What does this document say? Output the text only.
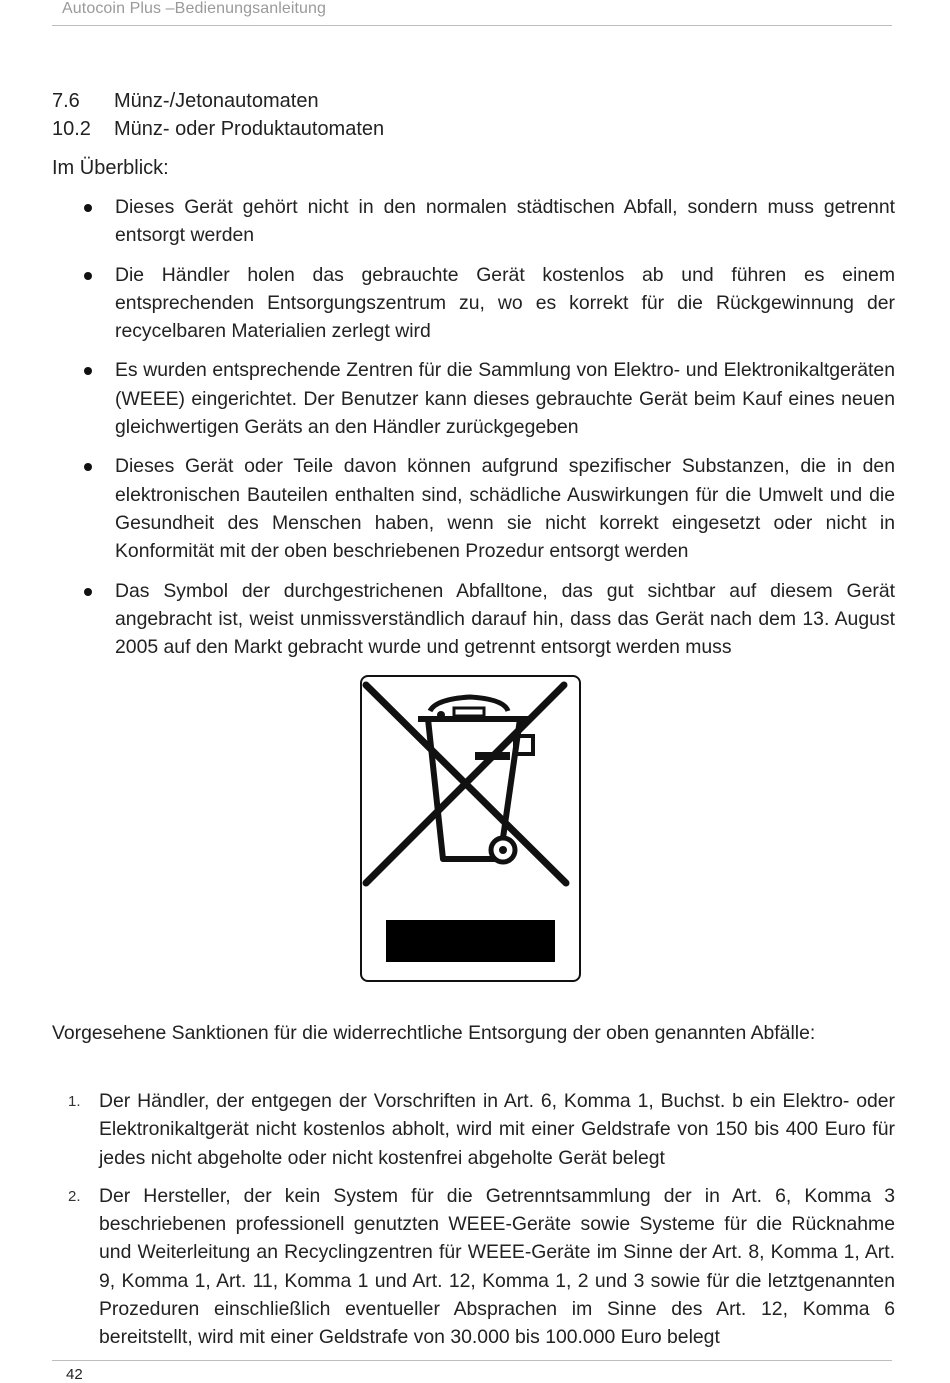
Autocoin Plus –Bedienungsanleitung
7.6 Münz-/Jetonautomaten
10.2 Münz- oder Produktautomaten
Im Überblick:
Dieses Gerät gehört nicht in den normalen städtischen Abfall, sondern muss getrennt entsorgt werden
Die Händler holen das gebrauchte Gerät kostenlos ab und führen es einem entsprechenden Entsorgungszentrum zu, wo es korrekt für die Rückgewinnung der recycelbaren Materialien zerlegt wird
Es wurden entsprechende Zentren für die Sammlung von Elektro- und Elektronikaltgeräten (WEEE) eingerichtet. Der Benutzer kann dieses gebrauchte Gerät beim Kauf eines neuen gleichwertigen Geräts an den Händler zurückgegeben
Dieses Gerät oder Teile davon können aufgrund spezifischer Substanzen, die in den elektronischen Bauteilen enthalten sind, schädliche Auswirkungen für die Umwelt und die Gesundheit des Menschen haben, wenn sie nicht korrekt eingesetzt oder nicht in Konformität mit der oben beschriebenen Prozedur entsorgt werden
Das Symbol der durchgestrichenen Abfalltone, das gut sichtbar auf diesem Gerät angebracht ist, weist unmissverständlich darauf hin, dass das Gerät nach dem 13. August 2005 auf den Markt gebracht wurde und getrennt entsorgt werden muss
Vorgesehene Sanktionen für die widerrechtliche Entsorgung der oben genannten Abfälle:
1. Der Händler, der entgegen der Vorschriften in Art. 6, Komma 1, Buchst. b ein Elektro- oder Elektronikaltgerät nicht kostenlos abholt, wird mit einer Geldstrafe von 150 bis 400 Euro für jedes nicht abgeholte oder nicht kostenfrei abgeholte Gerät belegt
2. Der Hersteller, der kein System für die Getrenntsammlung der in Art. 6, Komma 3 beschriebenen professionell genutzten WEEE-Geräte sowie Systeme für die Rücknahme und Weiterleitung an Recyclingzentren für WEEE-Geräte im Sinne der Art. 8, Komma 1, Art. 9, Komma 1, Art. 11, Komma 1 und Art. 12, Komma 1, 2 und 3 sowie für die letztgenannten Prozeduren einschließlich eventueller Absprachen im Sinne des Art. 12, Komma 6 bereitstellt, wird mit einer Geldstrafe von 30.000 bis 100.000 Euro belegt
42
